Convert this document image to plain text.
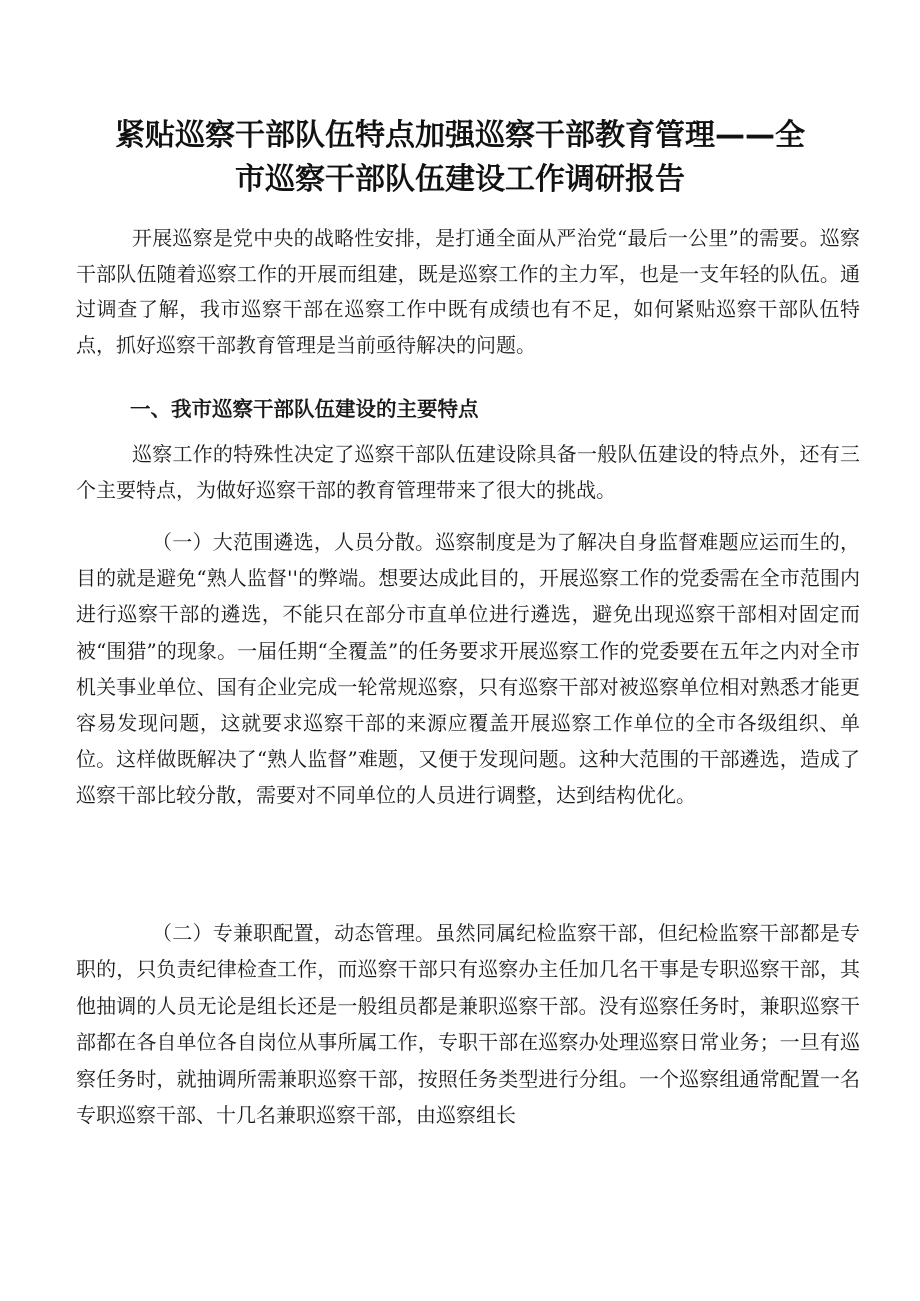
紧贴巡察干部队伍特点加强巡察干部教育管理——全
市巡察干部队伍建设工作调研报告

开展巡察是党中央的战略性安排，是打通全面从严治党“最后一公里”的需要。巡察干部队伍随着巡察工作的开展而组建，既是巡察工作的主力军，也是一支年轻的队伍。通过调查了解，我市巡察干部在巡察工作中既有成绩也有不足，如何紧贴巡察干部队伍特点，抓好巡察干部教育管理是当前亟待解决的问题。

一、我市巡察干部队伍建设的主要特点

巡察工作的特殊性决定了巡察干部队伍建设除具备一般队伍建设的特点外，还有三个主要特点，为做好巡察干部的教育管理带来了很大的挑战。

（一）大范围遴选，人员分散。巡察制度是为了解决自身监督难题应运而生的，目的就是避免“熟人监督''的弊端。想要达成此目的，开展巡察工作的党委需在全市范围内进行巡察干部的遴选，不能只在部分市直单位进行遴选，避免出现巡察干部相对固定而被“围猎”的现象。一届任期“全覆盖”的任务要求开展巡察工作的党委要在五年之内对全市机关事业单位、国有企业完成一轮常规巡察，只有巡察干部对被巡察单位相对熟悉才能更容易发现问题，这就要求巡察干部的来源应覆盖开展巡察工作单位的全市各级组织、单位。这样做既解决了“熟人监督”难题，又便于发现问题。这种大范围的干部遴选，造成了巡察干部比较分散，需要对不同单位的人员进行调整，达到结构优化。

（二）专兼职配置，动态管理。虽然同属纪检监察干部，但纪检监察干部都是专职的，只负责纪律检查工作，而巡察干部只有巡察办主任加几名干事是专职巡察干部，其他抽调的人员无论是组长还是一般组员都是兼职巡察干部。没有巡察任务时，兼职巡察干部都在各自单位各自岗位从事所属工作，专职干部在巡察办处理巡察日常业务；一旦有巡察任务时，就抽调所需兼职巡察干部，按照任务类型进行分组。一个巡察组通常配置一名专职巡察干部、十几名兼职巡察干部，由巡察组长
